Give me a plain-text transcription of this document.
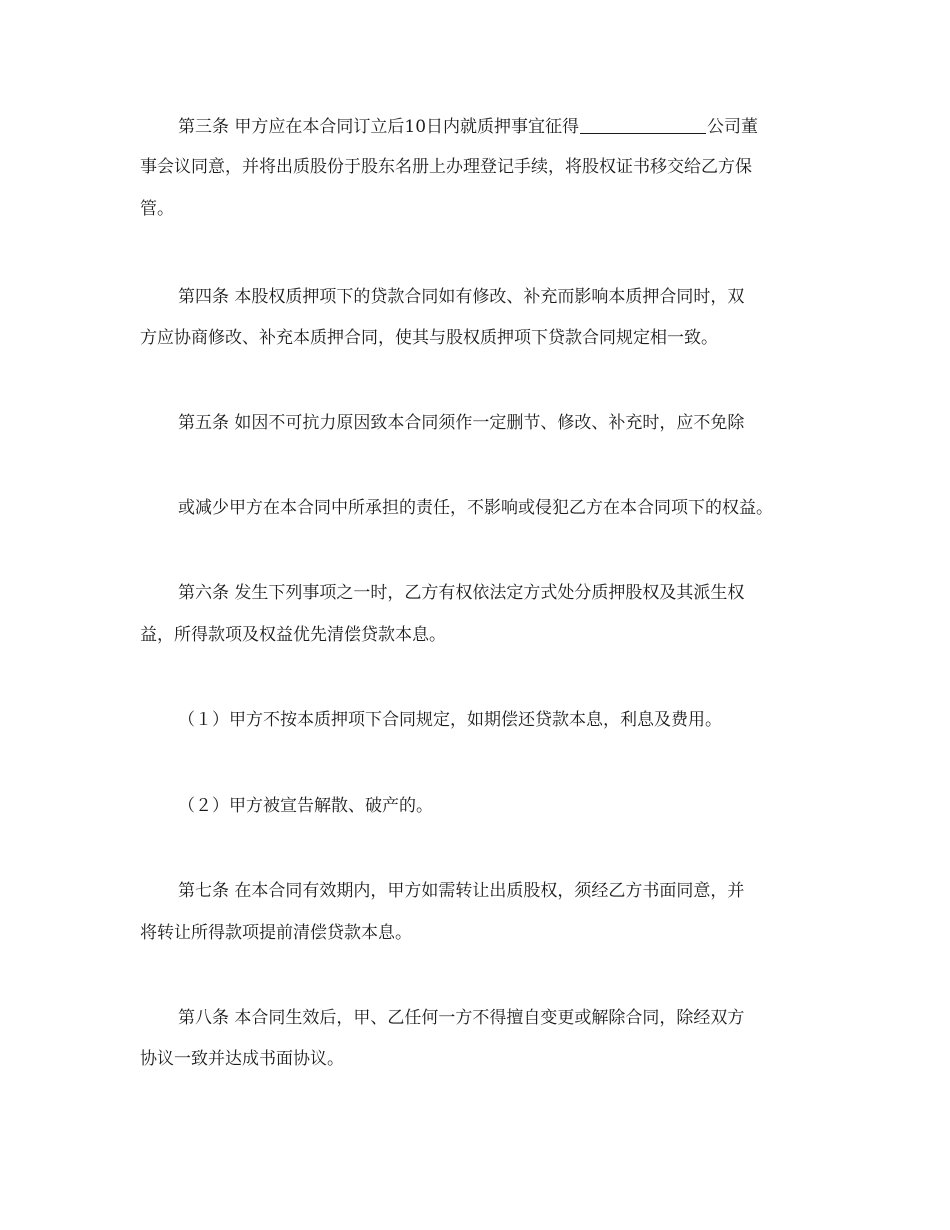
第三条 甲方应在本合同订立后10日内就质押事宜征得	公司董
事会议同意，并将出质股份于股东名册上办理登记手续，将股权证书移交给乙方保
管。
第四条 本股权质押项下的贷款合同如有修改、补充而影响本质押合同时，双
方应协商修改、补充本质押合同，使其与股权质押项下贷款合同规定相一致。
第五条 如因不可抗力原因致本合同须作一定删节、修改、补充时，应不免除
或减少甲方在本合同中所承担的责任，不影响或侵犯乙方在本合同项下的权益。
第六条 发生下列事项之一时，乙方有权依法定方式处分质押股权及其派生权
益，所得款项及权益优先清偿贷款本息。
（１）甲方不按本质押项下合同规定，如期偿还贷款本息，利息及费用。
（２）甲方被宣告解散、破产的。
第七条 在本合同有效期内，甲方如需转让出质股权，须经乙方书面同意，并
将转让所得款项提前清偿贷款本息。
第八条 本合同生效后，甲、乙任何一方不得擅自变更或解除合同，除经双方
协议一致并达成书面协议。
